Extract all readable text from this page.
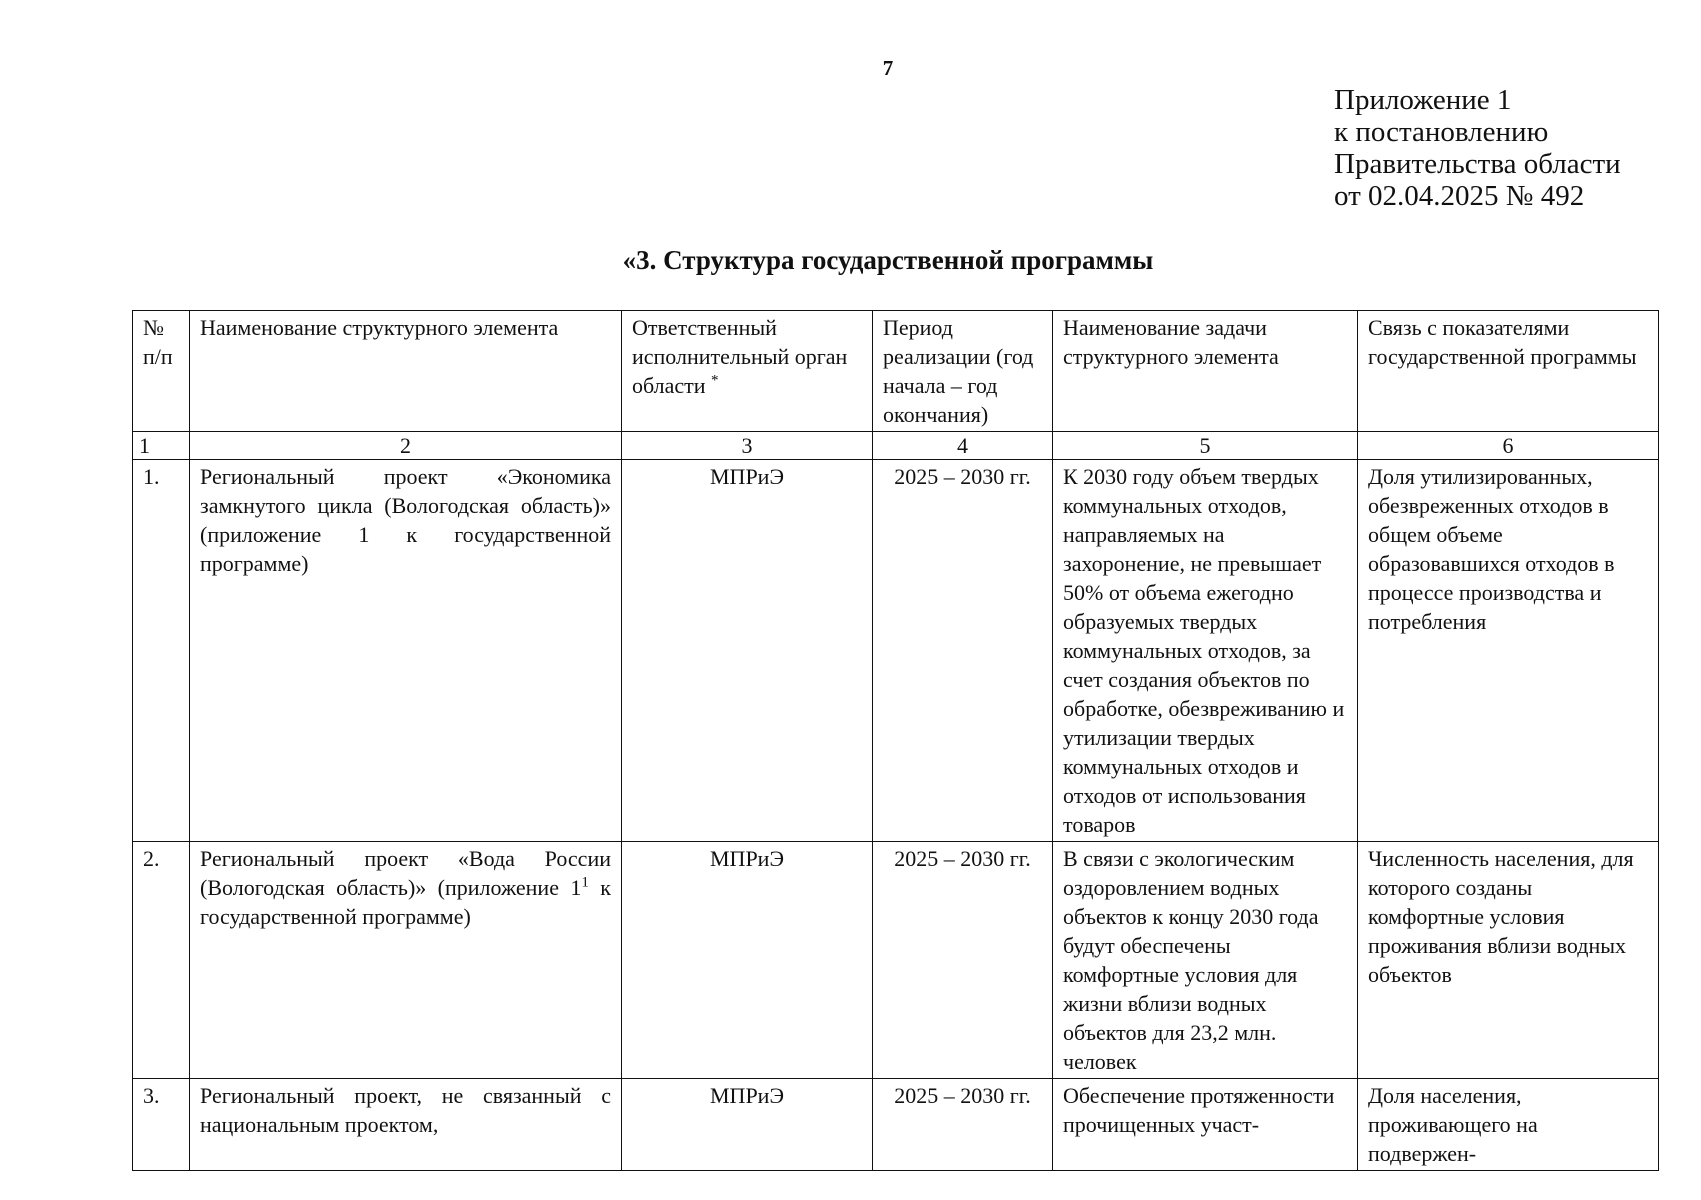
7
Приложение 1
к постановлению
Правительства области
от 02.04.2025 № 492
«3. Структура государственной программы
№ п/п	Наименование структурного элемента	Ответственный исполнительный орган области *	Период реализации (год начала – год окончания)	Наименование задачи структурного элемента	Связь с показателями государственной программы
1	2	3	4	5	6
1.	Региональный проект «Экономика замкнутого цикла (Вологодская область)» (приложение 1 к государственной программе)	МПРиЭ	2025 – 2030 гг.	К 2030 году объем твердых коммунальных отходов, направляемых на захоронение, не превышает 50% от объема ежегодно образуемых твердых коммунальных отходов, за счет создания объектов по обработке, обезвреживанию и утилизации твердых коммунальных отходов и отходов от использования товаров	Доля утилизированных, обезвреженных отходов в общем объеме образовавшихся отходов в процессе производства и потребления
2.	Региональный проект «Вода России (Вологодская область)» (приложение $1^1$ к государственной программе)	МПРиЭ	2025 – 2030 гг.	В связи с экологическим оздоровлением водных объектов к концу 2030 года будут обеспечены комфортные условия для жизни вблизи водных объектов для 23,2 млн. человек	Численность населения, для которого созданы комфортные условия проживания вблизи водных объектов
3.	Региональный проект, не связанный с национальным проектом,	МПРиЭ	2025 – 2030 гг.	Обеспечение протяженности прочищенных участ-	Доля населения, проживающего на подвержен-
